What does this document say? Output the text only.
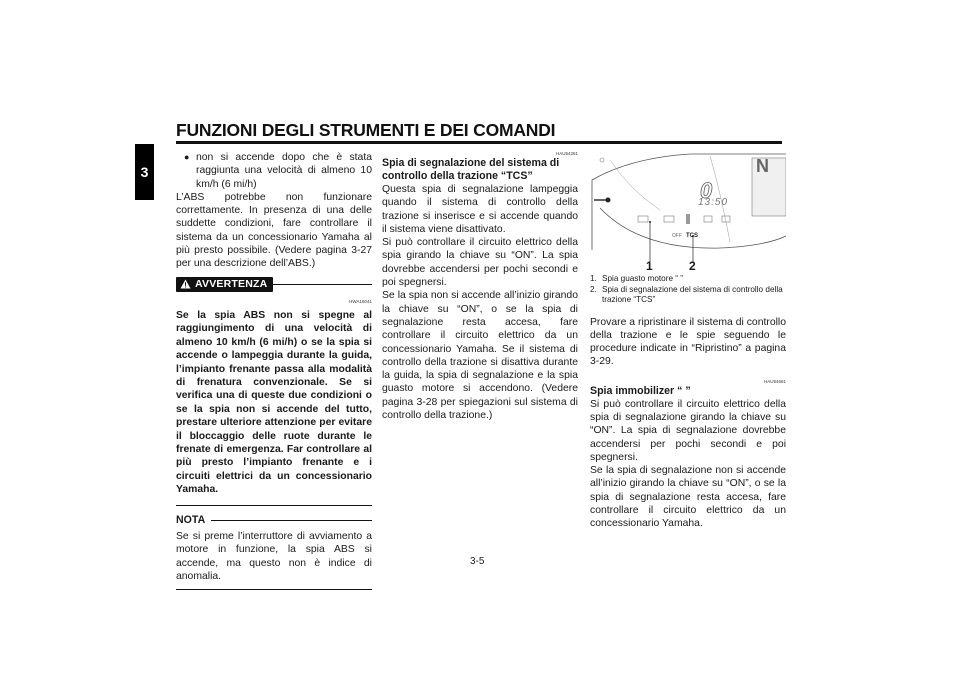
FUNZIONI DEGLI STRUMENTI E DEI COMANDI
3
● non si accende dopo che è stata raggiunta una velocità di almeno 10 km/h (6 mi/h)

L’ABS potrebbe non funzionare correttamente. In presenza di una delle suddette condizioni, fare controllare il sistema da un concessionario Yamaha al più presto possibile. (Vedere pagina 3-27 per una descrizione dell’ABS.)

AVVERTENZA
HWA16041
Se la spia ABS non si spegne al raggiungimento di una velocità di almeno 10 km/h (6 mi/h) o se la spia si accende o lampeggia durante la guida, l’impianto frenante passa alla modalità di frenatura convenzionale. Se si verifica una di queste due condizioni o se la spia non si accende del tutto, prestare ulteriore attenzione per evitare il bloccaggio delle ruote durante le frenate di emergenza. Far controllare al più presto l’impianto frenante e i circuiti elettrici da un concessionario Yamaha.
NOTA

Se si preme l’interruttore di avviamento a motore in funzione, la spia ABS si accende, ma questo non è indice di anomalia.

HAU54261
Spia di segnalazione del sistema di controllo della trazione “TCS”

Questa spia di segnalazione lampeggia quando il sistema di controllo della trazione si inserisce e si accende quando il sistema viene disattivato.

Si può controllare il circuito elettrico della spia girando la chiave su “ON”. La spia dovrebbe accendersi per pochi secondi e poi spegnersi.

Se la spia non si accende all’inizio girando la chiave su “ON”, o se la spia di segnalazione resta accesa, fare controllare il circuito elettrico da un concessionario Yamaha. Se il sistema di controllo della trazione si disattiva durante la guida, la spia di segnalazione e la spia guasto motore si accendono. (Vedere pagina 3-28 per spiegazioni sul sistema di controllo della trazione.)

0
13:50
N
OFF TCS
1	2
1. Spia guasto motore “ ”
2. Spia di segnalazione del sistema di controllo della trazione “TCS”

Provare a ripristinare il sistema di controllo della trazione e le spie seguendo le procedure indicate in “Ripristino” a pagina 3-29.

HAU54681
Spia immobilizer “ ”

Si può controllare il circuito elettrico della spia di segnalazione girando la chiave su “ON”. La spia di segnalazione dovrebbe accendersi per pochi secondi e poi spegnersi.

Se la spia di segnalazione non si accende all’inizio girando la chiave su “ON”, o se la spia di segnalazione resta accesa, fare controllare il circuito elettrico da un concessionario Yamaha.

3-5
